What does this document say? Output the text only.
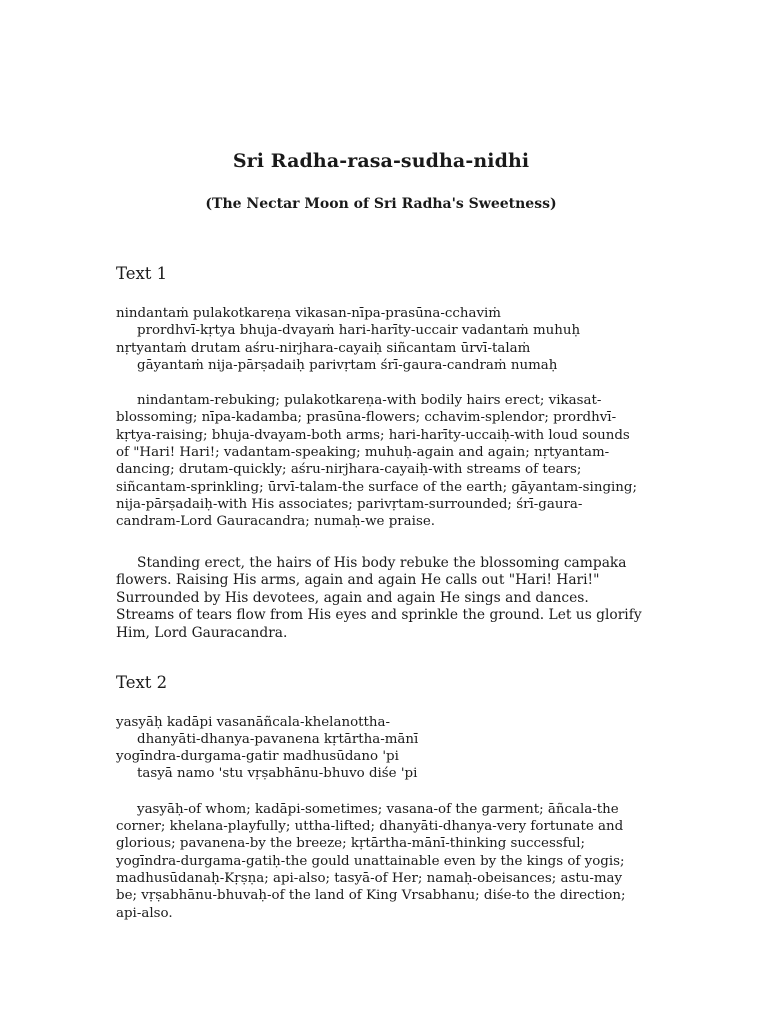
Sri Radha-rasa-sudha-nidhi
(The Nectar Moon of Sri Radha's Sweetness)
Text 1
nindantaṁ pulakotkareṇa vikasan-nīpa-prasūna-cchaviṁ
prordhvī-kṛtya bhuja-dvayaṁ hari-harīty-uccair vadantaṁ muhuḥ
nṛtyantaṁ drutam aśru-nirjhara-cayaiḥ siñcantam ūrvī-talaṁ
gāyantaṁ nija-pārṣadaiḥ parivṛtam śrī-gaura-candraṁ numaḥ

nindantam-rebuking; pulakotkareṇa-with bodily hairs erect; vikasat-blossoming; nīpa-kadamba; prasūna-flowers; cchavim-splendor; prordhvī-kṛtya-raising; bhuja-dvayam-both arms; hari-harīty-uccaiḥ-with loud sounds of "Hari! Hari!; vadantam-speaking; muhuḥ-again and again; nṛtyantam-dancing; drutam-quickly; aśru-nirjhara-cayaiḥ-with streams of tears; siñcantam-sprinkling; ūrvī-talam-the surface of the earth; gāyantam-singing; nija-pārṣadaiḥ-with His associates; parivṛtam-surrounded; śrī-gaura-candram-Lord Gauracandra; numaḥ-we praise.

Standing erect, the hairs of His body rebuke the blossoming campaka flowers. Raising His arms, again and again He calls out "Hari! Hari!" Surrounded by His devotees, again and again He sings and dances. Streams of tears flow from His eyes and sprinkle the ground. Let us glorify Him, Lord Gauracandra.

Text 2
yasyāḥ kadāpi vasanāñcala-khelanottha-
dhanyāti-dhanya-pavanena kṛtārtha-mānī
yogīndra-durgama-gatir madhusūdano 'pi
tasyā namo 'stu vṛṣabhānu-bhuvo diśe 'pi

yasyāḥ-of whom; kadāpi-sometimes; vasana-of the garment; āñcala-the corner; khelana-playfully; uttha-lifted; dhanyāti-dhanya-very fortunate and glorious; pavanena-by the breeze; kṛtārtha-mānī-thinking successful; yogīndra-durgama-gatiḥ-the gould unattainable even by the kings of yogis; madhusūdanaḥ-Kṛṣṇa; api-also; tasyā-of Her; namaḥ-obeisances; astu-may be; vṛṣabhānu-bhuvaḥ-of the land of King Vrsabhanu; diśe-to the direction; api-also.
